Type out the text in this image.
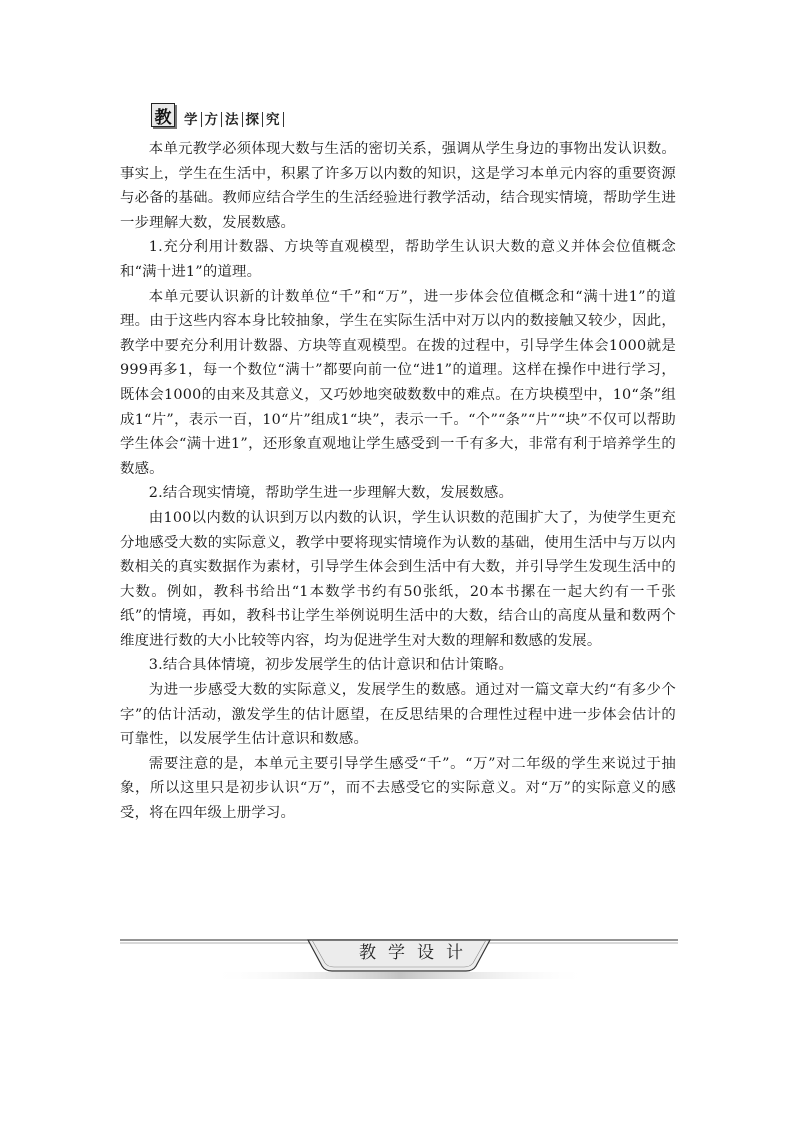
教 学 方 法 探 究

本单元教学必须体现大数与生活的密切关系，强调从学生身边的事物出发认识数。事实上，学生在生活中，积累了许多万以内数的知识，这是学习本单元内容的重要资源与必备的基础。教师应结合学生的生活经验进行教学活动，结合现实情境，帮助学生进一步理解大数，发展数感。

1.充分利用计数器、方块等直观模型，帮助学生认识大数的意义并体会位值概念和“满十进1”的道理。

本单元要认识新的计数单位“千”和“万”，进一步体会位值概念和“满十进1”的道理。由于这些内容本身比较抽象，学生在实际生活中对万以内的数接触又较少，因此，教学中要充分利用计数器、方块等直观模型。在拨的过程中，引导学生体会1000就是999再多1，每一个数位“满十”都要向前一位“进1”的道理。这样在操作中进行学习，既体会1000的由来及其意义，又巧妙地突破数数中的难点。在方块模型中，10“条”组成1“片”，表示一百，10“片”组成1“块”，表示一千。“个”“条”“片”“块”不仅可以帮助学生体会“满十进1”，还形象直观地让学生感受到一千有多大，非常有利于培养学生的数感。

2.结合现实情境，帮助学生进一步理解大数，发展数感。

由100以内数的认识到万以内数的认识，学生认识数的范围扩大了，为使学生更充分地感受大数的实际意义，教学中要将现实情境作为认数的基础，使用生活中与万以内数相关的真实数据作为素材，引导学生体会到生活中有大数，并引导学生发现生活中的大数。例如，教科书给出“1本数学书约有50张纸，20本书摞在一起大约有一千张纸”的情境，再如，教科书让学生举例说明生活中的大数，结合山的高度从量和数两个维度进行数的大小比较等内容，均为促进学生对大数的理解和数感的发展。

3.结合具体情境，初步发展学生的估计意识和估计策略。

为进一步感受大数的实际意义，发展学生的数感。通过对一篇文章大约“有多少个字”的估计活动，激发学生的估计愿望，在反思结果的合理性过程中进一步体会估计的可靠性，以发展学生估计意识和数感。

需要注意的是，本单元主要引导学生感受“千”。“万”对二年级的学生来说过于抽象，所以这里只是初步认识“万”，而不去感受它的实际意义。对“万”的实际意义的感受，将在四年级上册学习。

教学设计
